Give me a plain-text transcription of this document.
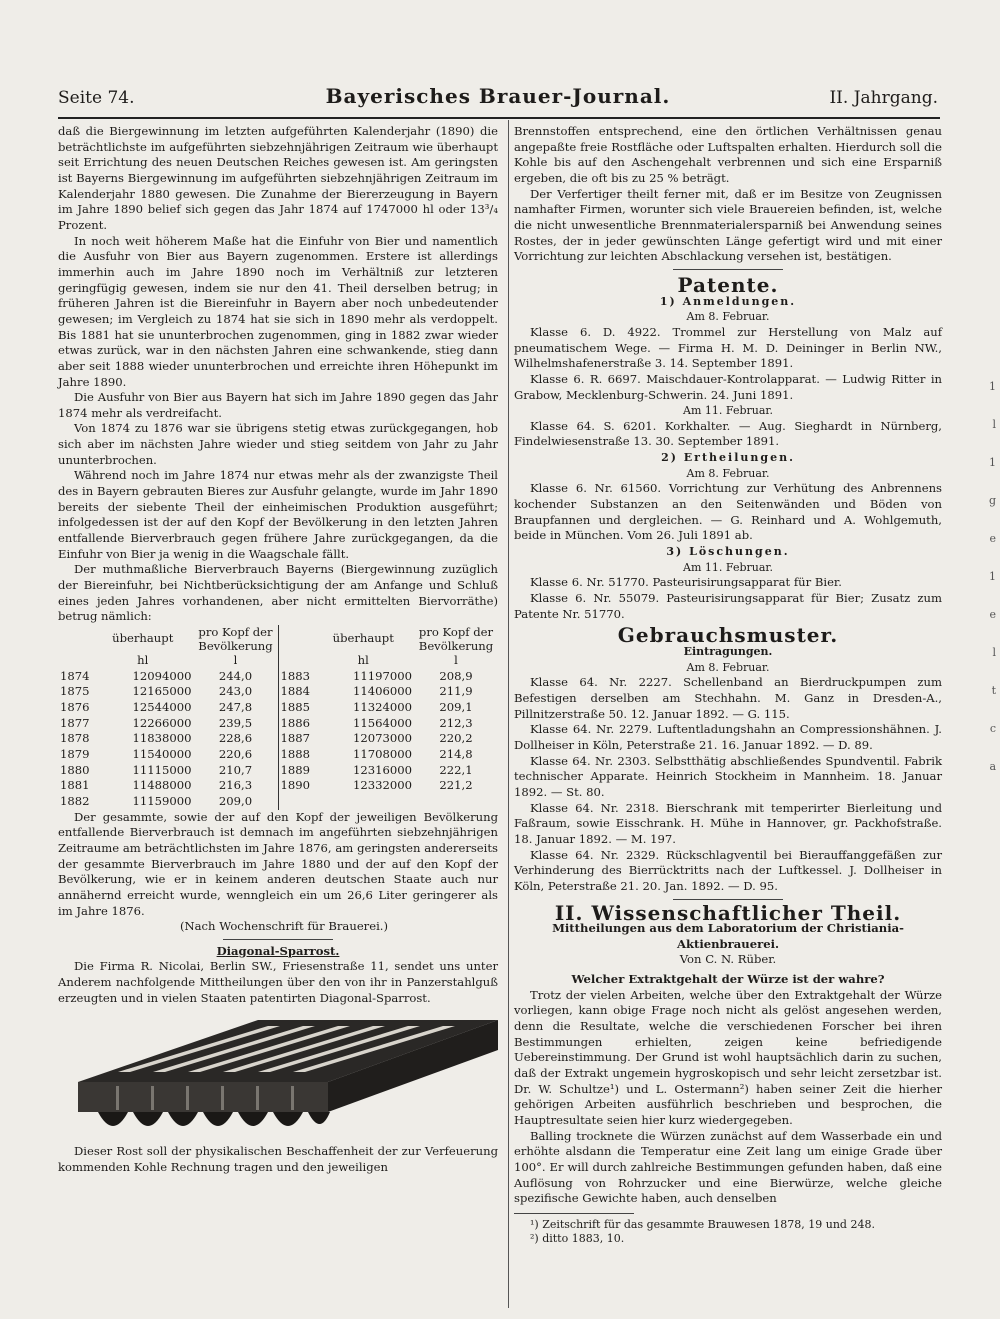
Seite 74.	Bayerisches Brauer-Journal.	II. Jahrgang.

daß die Biergewinnung im letzten aufgeführten Kalenderjahr (1890) die beträchtlichste im aufgeführten siebzehnjährigen Zeitraum wie überhaupt seit Errichtung des neuen Deutschen Reiches gewesen ist. Am geringsten ist Bayerns Biergewinnung im aufgeführten siebzehnjährigen Zeitraum im Kalenderjahr 1880 gewesen. Die Zunahme der Biererzeugung in Bayern im Jahre 1890 belief sich gegen das Jahr 1874 auf 1747000 hl oder 13³/₄ Prozent.

In noch weit höherem Maße hat die Einfuhr von Bier und namentlich die Ausfuhr von Bier aus Bayern zugenommen. Erstere ist allerdings immerhin auch im Jahre 1890 noch im Verhältniß zur letzteren geringfügig gewesen, indem sie nur den 41. Theil derselben betrug; in früheren Jahren ist die Biereinfuhr in Bayern aber noch unbedeutender gewesen; im Vergleich zu 1874 hat sie sich in 1890 mehr als verdoppelt. Bis 1881 hat sie ununterbrochen zugenommen, ging in 1882 zwar wieder etwas zurück, war in den nächsten Jahren eine schwankende, stieg dann aber seit 1888 wieder ununterbrochen und erreichte ihren Höhepunkt im Jahre 1890.

Die Ausfuhr von Bier aus Bayern hat sich im Jahre 1890 gegen das Jahr 1874 mehr als verdreifacht.

Von 1874 zu 1876 war sie übrigens stetig etwas zurückgegangen, hob sich aber im nächsten Jahre wieder und stieg seitdem von Jahr zu Jahr ununterbrochen.

Während noch im Jahre 1874 nur etwas mehr als der zwanzigste Theil des in Bayern gebrauten Bieres zur Ausfuhr gelangte, wurde im Jahr 1890 bereits der siebente Theil der einheimischen Produktion ausgeführt; infolgedessen ist der auf den Kopf der Bevölkerung in den letzten Jahren entfallende Bierverbrauch gegen frühere Jahre zurückgegangen, da die Einfuhr von Bier ja wenig in die Waagschale fällt.

Der muthmaßliche Bierverbrauch Bayerns (Biergewinnung zuzüglich der Biereinfuhr, bei Nichtberücksichtigung der am Anfange und Schluß eines jeden Jahres vorhandenen, aber nicht ermittelten Biervorräthe) betrug nämlich:

	überhaupt	pro Kopf der Bevölkerung		überhaupt	pro Kopf der Bevölkerung
	hl	l		hl	l
1874	12094000	244,0	1883	11197000	208,9
1875	12165000	243,0	1884	11406000	211,9
1876	12544000	247,8	1885	11324000	209,1
1877	12266000	239,5	1886	11564000	212,3
1878	11838000	228,6	1887	12073000	220,2
1879	11540000	220,6	1888	11708000	214,8
1880	11115000	210,7	1889	12316000	222,1
1881	11488000	216,3	1890	12332000	221,2
1882	11159000	209,0			

Der gesammte, sowie der auf den Kopf der jeweiligen Bevölkerung entfallende Bierverbrauch ist demnach im angeführten siebzehnjährigen Zeitraume am beträchtlichsten im Jahre 1876, am geringsten andererseits der gesammte Bierverbrauch im Jahre 1880 und der auf den Kopf der Bevölkerung, wie er in keinem anderen deutschen Staate auch nur annähernd erreicht wurde, wenngleich ein um 26,6 Liter geringerer als im Jahre 1876.

(Nach Wochenschrift für Brauerei.)

Diagonal-Sparrost.

Die Firma R. Nicolai, Berlin SW., Friesenstraße 11, sendet uns unter Anderem nachfolgende Mittheilungen über den von ihr in Panzerstahlguß erzeugten und in vielen Staaten patentirten Diagonal-Sparrost.

Dieser Rost soll der physikalischen Beschaffenheit der zur Verfeuerung kommenden Kohle Rechnung tragen und den jeweiligen

Brennstoffen entsprechend, eine den örtlichen Verhältnissen genau angepaßte freie Rostfläche oder Luftspalten erhalten. Hierdurch soll die Kohle bis auf den Aschengehalt verbrennen und sich eine Ersparniß ergeben, die oft bis zu 25 % beträgt.

Der Verfertiger theilt ferner mit, daß er im Besitze von Zeugnissen namhafter Firmen, worunter sich viele Brauereien befinden, ist, welche die nicht unwesentliche Brennmaterialersparniß bei Anwendung seines Rostes, der in jeder gewünschten Länge gefertigt wird und mit einer Vorrichtung zur leichten Abschlackung versehen ist, bestätigen.

Patente.

1) Anmeldungen.

Am 8. Februar.

Klasse 6. D. 4922. Trommel zur Herstellung von Malz auf pneumatischem Wege. — Firma H. M. D. Deininger in Berlin NW., Wilhelmshafenerstraße 3. 14. September 1891.

Klasse 6. R. 6697. Maischdauer-Kontrolapparat. — Ludwig Ritter in Grabow, Mecklenburg-Schwerin. 24. Juni 1891.

Am 11. Februar.

Klasse 64. S. 6201. Korkhalter. — Aug. Sieghardt in Nürnberg, Findelwiesenstraße 13. 30. September 1891.

2) Ertheilungen.

Am 8. Februar.

Klasse 6. Nr. 61560. Vorrichtung zur Verhütung des Anbrennens kochender Substanzen an den Seitenwänden und Böden von Braupfannen und dergleichen. — G. Reinhard und A. Wohlgemuth, beide in München. Vom 26. Juli 1891 ab.

3) Löschungen.

Am 11. Februar.

Klasse 6. Nr. 51770. Pasteurisirungsapparat für Bier.

Klasse 6. Nr. 55079. Pasteurisirungsapparat für Bier; Zusatz zum Patente Nr. 51770.

Gebrauchsmuster.

Eintragungen.

Am 8. Februar.

Klasse 64. Nr. 2227. Schellenband an Bierdruckpumpen zum Befestigen derselben am Stechhahn. M. Ganz in Dresden-A., Pillnitzerstraße 50. 12. Januar 1892. — G. 115.

Klasse 64. Nr. 2279. Luftentladungshahn an Compressionshähnen. J. Dollheiser in Köln, Peterstraße 21. 16. Januar 1892. — D. 89.

Klasse 64. Nr. 2303. Selbstthätig abschließendes Spundventil. Fabrik technischer Apparate. Heinrich Stockheim in Mannheim. 18. Januar 1892. — St. 80.

Klasse 64. Nr. 2318. Bierschrank mit temperirter Bierleitung und Faßraum, sowie Eisschrank. H. Mühe in Hannover, gr. Packhofstraße. 18. Januar 1892. — M. 197.

Klasse 64. Nr. 2329. Rückschlagventil bei Bierauffanggefäßen zur Verhinderung des Bierrücktritts nach der Luftkessel. J. Dollheiser in Köln, Peterstraße 21. 20. Jan. 1892. — D. 95.

II. Wissenschaftlicher Theil.

Mittheilungen aus dem Laboratorium der Christiania-Aktienbrauerei.

Von C. N. Rüber.

Welcher Extraktgehalt der Würze ist der wahre?

Trotz der vielen Arbeiten, welche über den Extraktgehalt der Würze vorliegen, kann obige Frage noch nicht als gelöst angesehen werden, denn die Resultate, welche die verschiedenen Forscher bei ihren Bestimmungen erhielten, zeigen keine befriedigende Uebereinstimmung. Der Grund ist wohl hauptsächlich darin zu suchen, daß der Extrakt ungemein hygroskopisch und sehr leicht zersetzbar ist. Dr. W. Schultze¹) und L. Ostermann²) haben seiner Zeit die hierher gehörigen Arbeiten ausführlich beschrieben und besprochen, die Hauptresultate seien hier kurz wiedergegeben.

Balling trocknete die Würzen zunächst auf dem Wasserbade ein und erhöhte alsdann die Temperatur eine Zeit lang um einige Grade über 100°. Er will durch zahlreiche Bestimmungen gefunden haben, daß eine Auflösung von Rohrzucker und eine Bierwürze, welche gleiche spezifische Gewichte haben, auch denselben

¹) Zeitschrift für das gesammte Brauwesen 1878, 19 und 248.

²) ditto 1883, 10.

1
l
1
g
e
1
e
l
t
c
a
